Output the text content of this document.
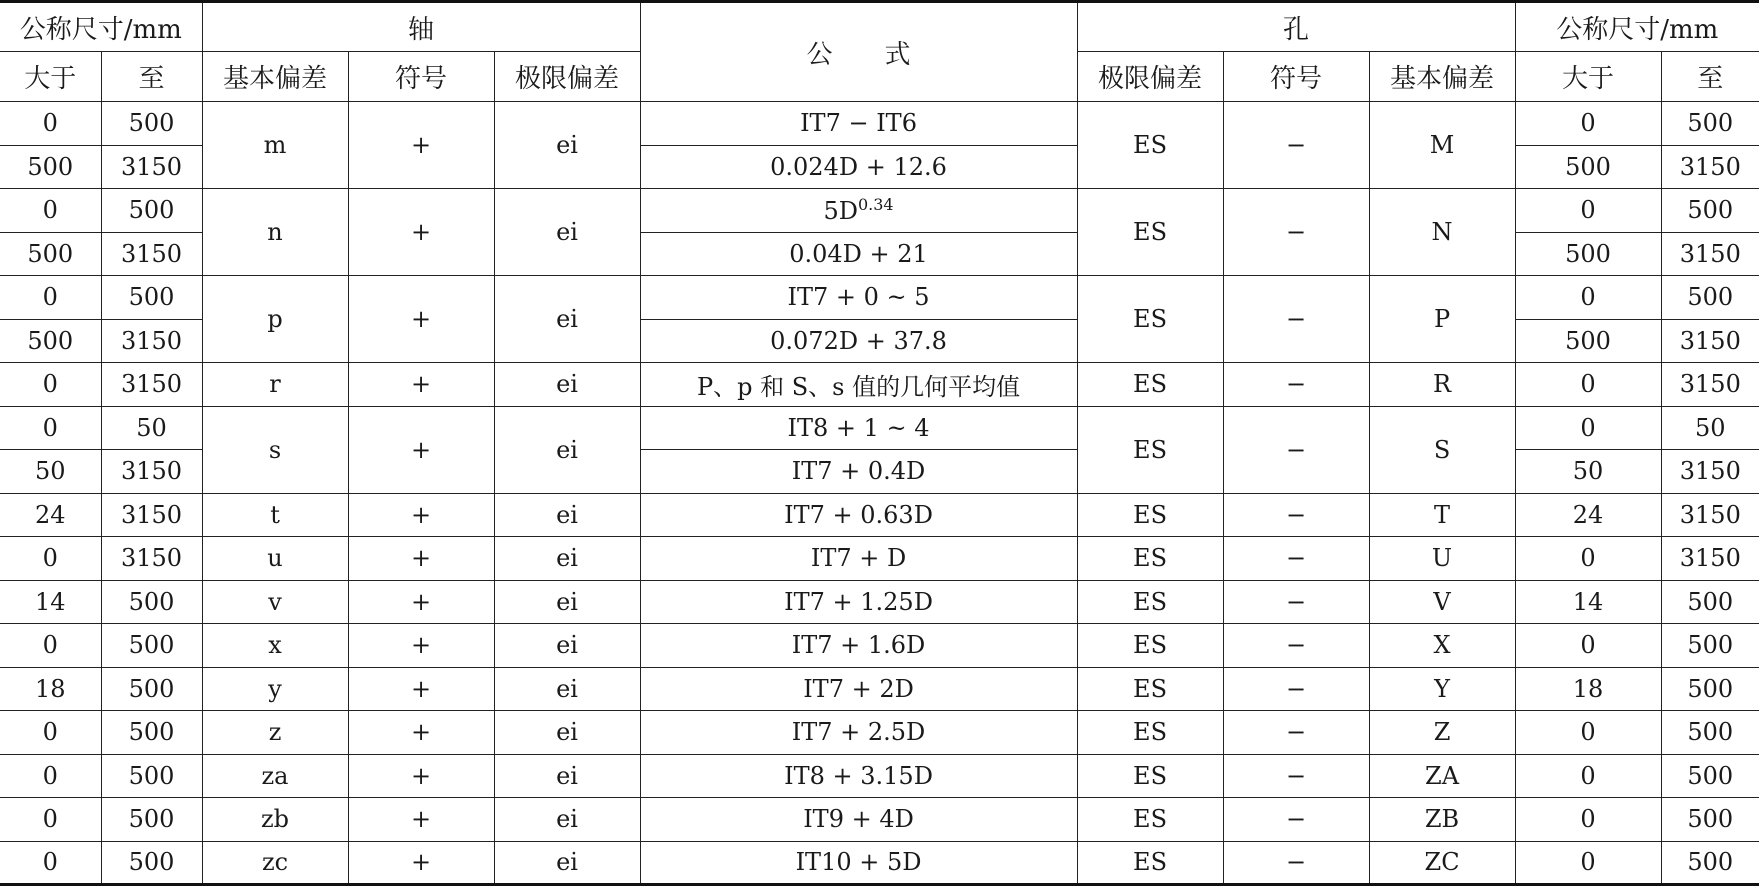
公称尺寸/mm		轴			公　　式	孔			公称尺寸/mm	
大于	至	基本偏差	符号	极限偏差		极限偏差	符号	基本偏差	大于	至
0	500	m	+	ei	IT7 − IT6	ES	−	M	0	500
500	3150				0.024D + 12.6				500	3150
0	500	n	+	ei	$5D^{0.34}$	ES	−	N	0	500
500	3150				0.04D + 21				500	3150
0	500	p	+	ei	IT7 + 0 ~ 5	ES	−	P	0	500
500	3150				0.072D + 37.8				500	3150
0	3150	r	+	ei	P、p 和 S、s 值的几何平均值	ES	−	R	0	3150
0	50	s	+	ei	IT8 + 1 ~ 4	ES	−	S	0	50
50	3150				IT7 + 0.4D				50	3150
24	3150	t	+	ei	IT7 + 0.63D	ES	−	T	24	3150
0	3150	u	+	ei	IT7 + D	ES	−	U	0	3150
14	500	v	+	ei	IT7 + 1.25D	ES	−	V	14	500
0	500	x	+	ei	IT7 + 1.6D	ES	−	X	0	500
18	500	y	+	ei	IT7 + 2D	ES	−	Y	18	500
0	500	z	+	ei	IT7 + 2.5D	ES	−	Z	0	500
0	500	za	+	ei	IT8 + 3.15D	ES	−	ZA	0	500
0	500	zb	+	ei	IT9 + 4D	ES	−	ZB	0	500
0	500	zc	+	ei	IT10 + 5D	ES	−	ZC	0	500
